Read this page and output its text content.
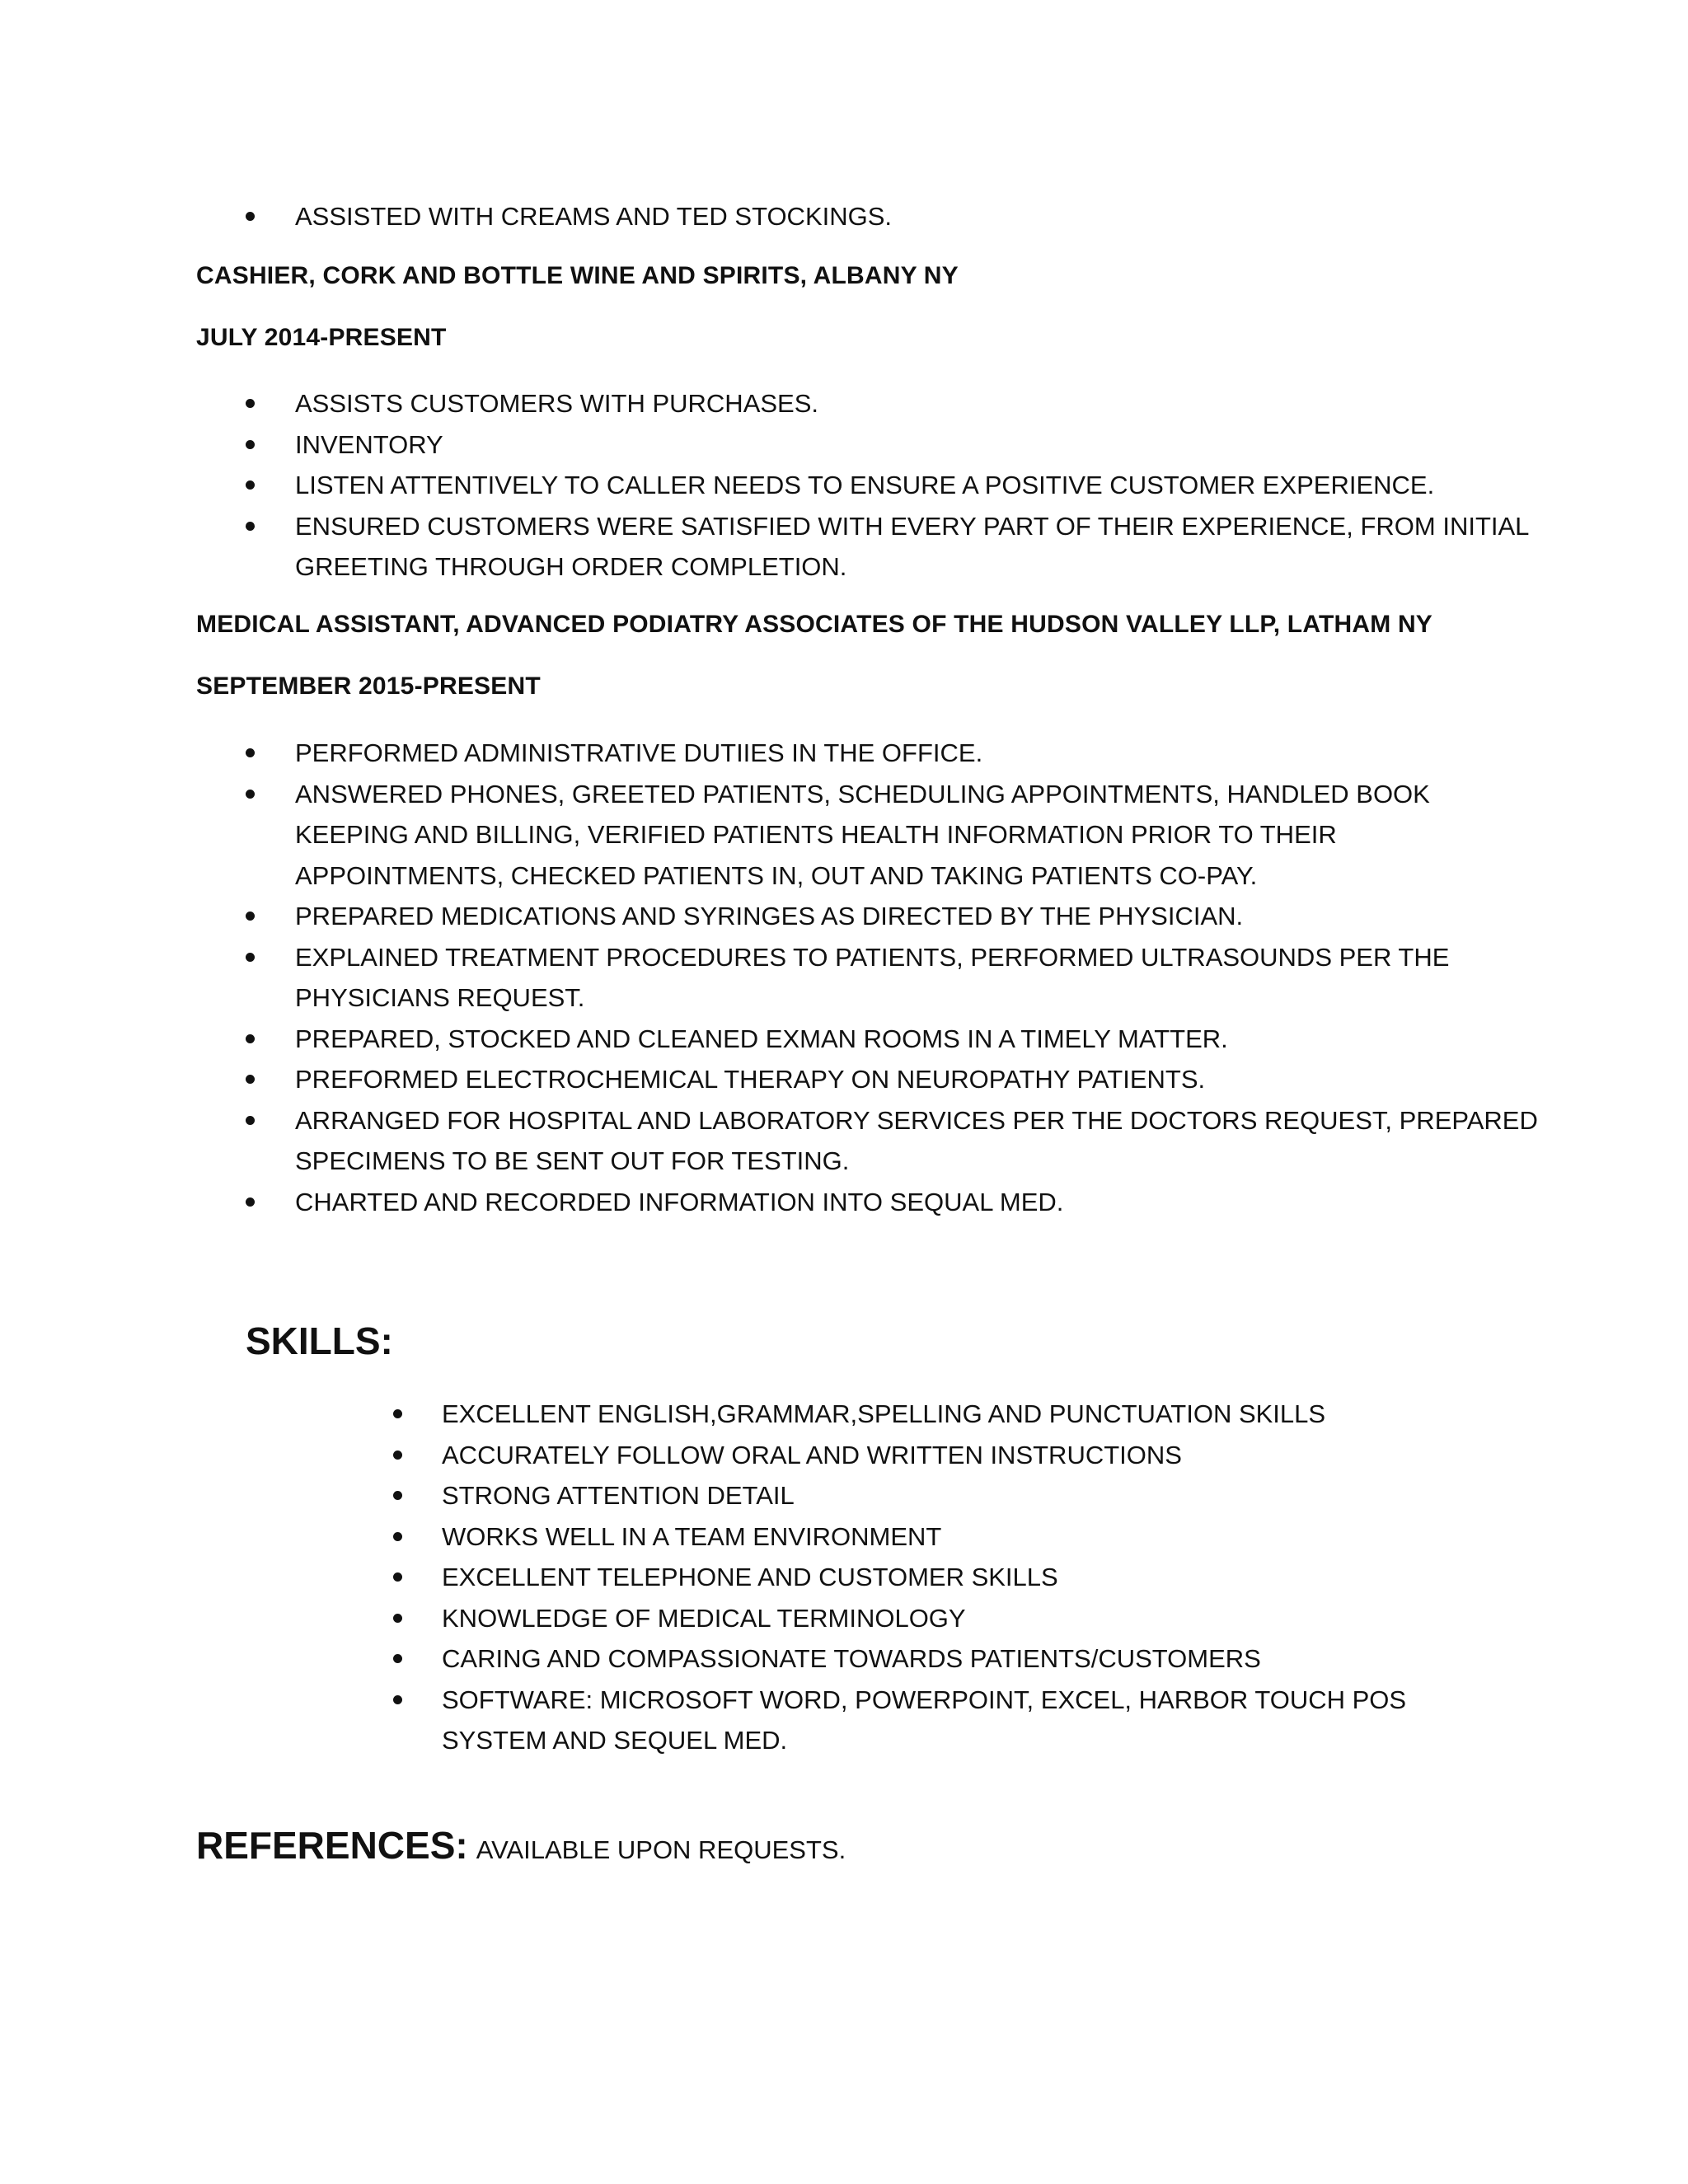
ASSISTED WITH CREAMS AND TED STOCKINGS.
CASHIER, CORK AND BOTTLE WINE AND SPIRITS, ALBANY NY
JULY 2014-PRESENT
ASSISTS CUSTOMERS WITH PURCHASES.
INVENTORY
LISTEN ATTENTIVELY TO CALLER NEEDS TO ENSURE A POSITIVE CUSTOMER EXPERIENCE.
ENSURED CUSTOMERS WERE SATISFIED WITH EVERY PART OF THEIR EXPERIENCE, FROM INITIAL
GREETING THROUGH ORDER COMPLETION.
MEDICAL ASSISTANT, ADVANCED PODIATRY ASSOCIATES OF THE HUDSON VALLEY LLP, LATHAM NY
SEPTEMBER 2015-PRESENT
PERFORMED ADMINISTRATIVE DUTIIES IN THE OFFICE.
ANSWERED PHONES, GREETED PATIENTS, SCHEDULING APPOINTMENTS, HANDLED BOOK
KEEPING AND BILLING, VERIFIED PATIENTS HEALTH INFORMATION PRIOR TO THEIR
APPOINTMENTS, CHECKED PATIENTS IN, OUT AND TAKING PATIENTS CO-PAY.
PREPARED MEDICATIONS AND SYRINGES AS DIRECTED BY THE PHYSICIAN.
EXPLAINED TREATMENT PROCEDURES TO PATIENTS, PERFORMED ULTRASOUNDS PER THE
PHYSICIANS REQUEST.
PREPARED, STOCKED AND CLEANED EXMAN ROOMS IN A TIMELY MATTER.
PREFORMED ELECTROCHEMICAL THERAPY ON NEUROPATHY PATIENTS.
ARRANGED FOR HOSPITAL AND LABORATORY SERVICES PER THE DOCTORS REQUEST, PREPARED
SPECIMENS TO BE SENT OUT FOR TESTING.
CHARTED AND RECORDED INFORMATION INTO SEQUAL MED.
SKILLS:
EXCELLENT ENGLISH,GRAMMAR,SPELLING AND PUNCTUATION SKILLS
ACCURATELY FOLLOW ORAL AND WRITTEN INSTRUCTIONS
STRONG ATTENTION DETAIL
WORKS WELL IN A TEAM ENVIRONMENT
EXCELLENT TELEPHONE AND CUSTOMER SKILLS
KNOWLEDGE OF MEDICAL TERMINOLOGY
CARING AND COMPASSIONATE TOWARDS PATIENTS/CUSTOMERS
SOFTWARE: MICROSOFT WORD, POWERPOINT, EXCEL, HARBOR TOUCH POS
SYSTEM AND SEQUEL MED.
REFERENCES: AVAILABLE UPON REQUESTS.
